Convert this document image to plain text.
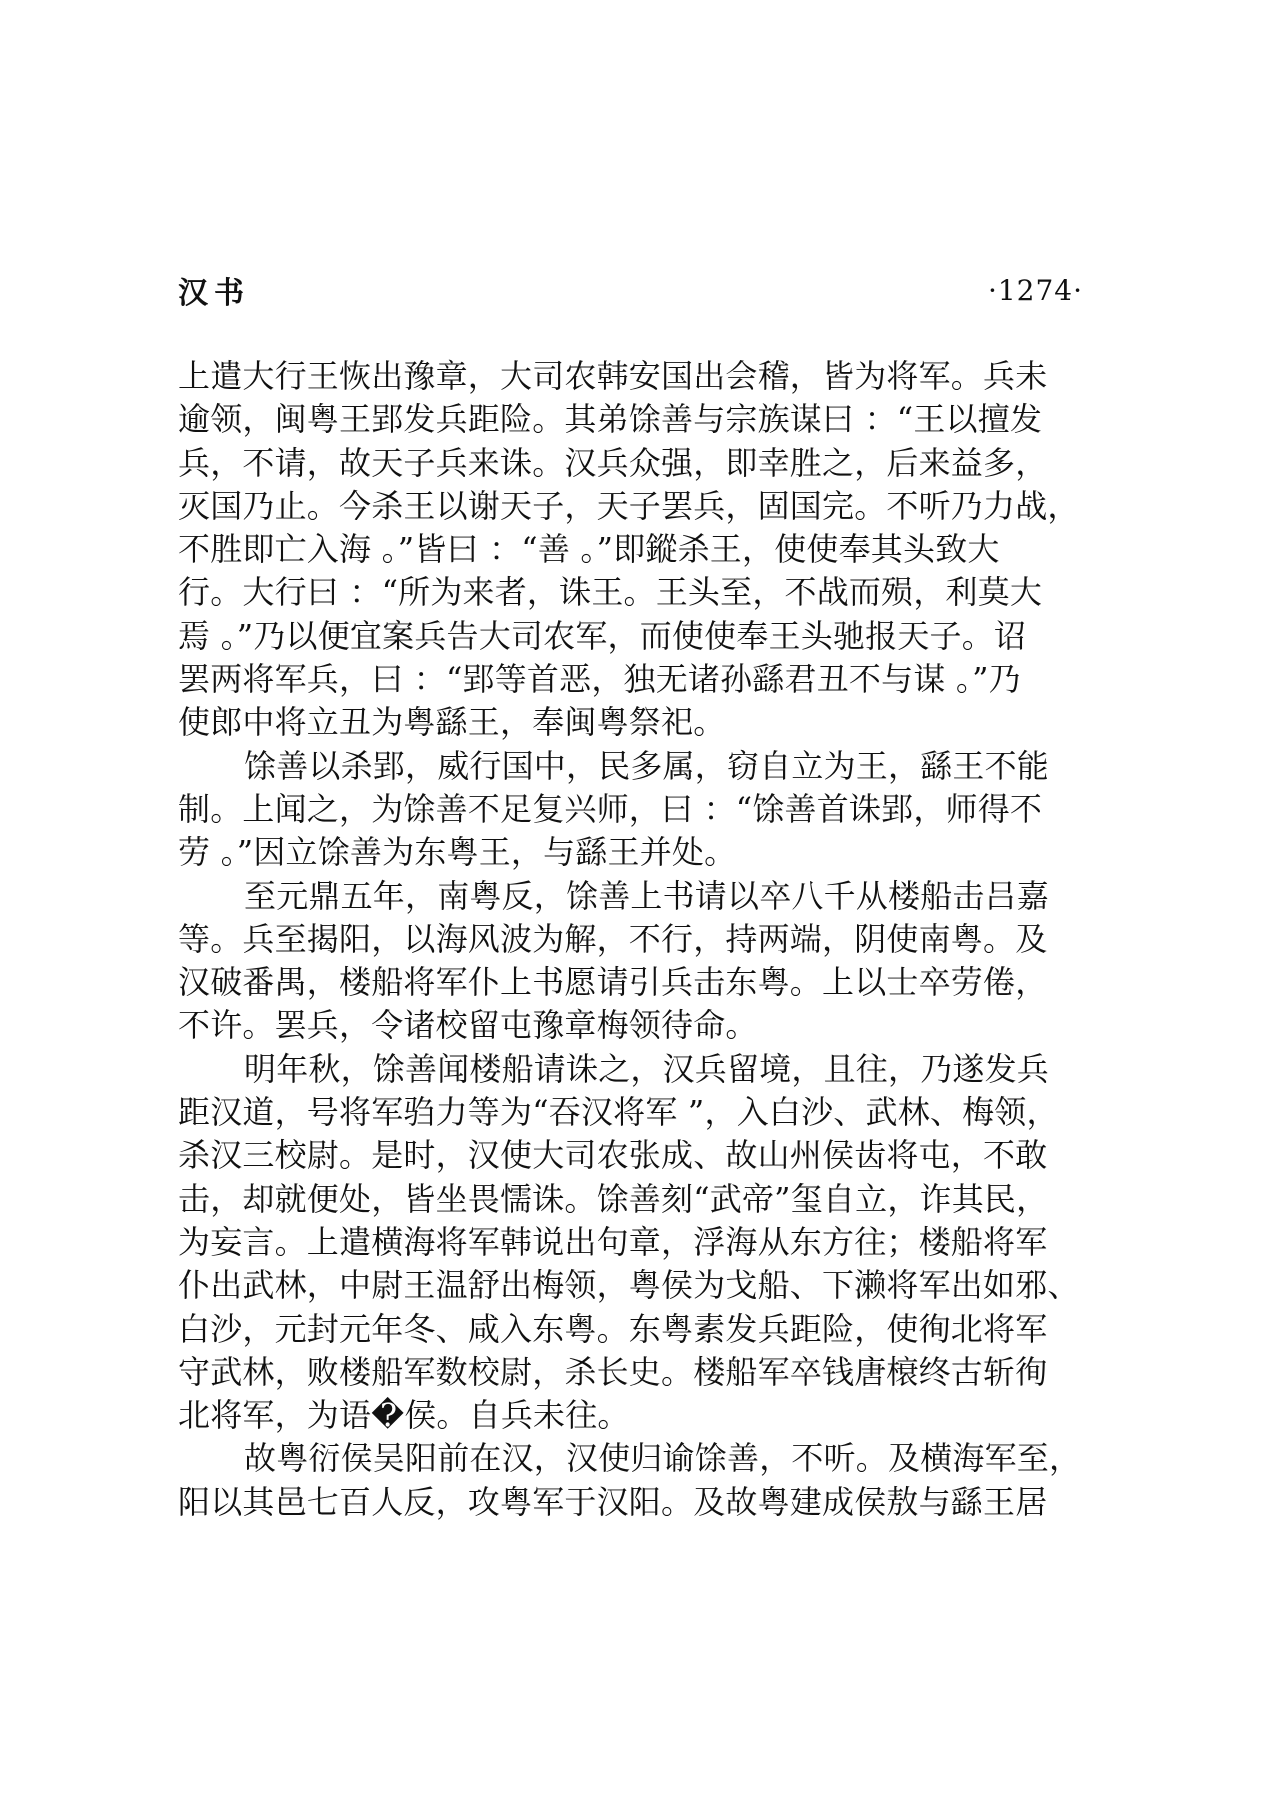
汉书	·1274·
上遣大行王恢出豫章，大司农韩安国出会稽，皆为将军。兵未
逾领，闽粤王郢发兵距险。其弟馀善与宗族谋曰 ：“王以擅发
兵，不请，故天子兵来诛。汉兵众强，即幸胜之，后来益多，
灭国乃止。今杀王以谢天子，天子罢兵，固国完。不听乃力战，
不胜即亡入海 。”皆曰 ：“善 。”即鏦杀王，使使奉其头致大
行。大行曰 ：“所为来者，诛王。王头至，不战而殒，利莫大
焉 。”乃以便宜案兵告大司农军，而使使奉王头驰报天子。诏
罢两将军兵，曰 ：“郢等首恶，独无诸孙繇君丑不与谋 。”乃
使郎中将立丑为粤繇王，奉闽粤祭祀。
馀善以杀郢，威行国中，民多属，窃自立为王，繇王不能
制。上闻之，为馀善不足复兴师，曰 ：“馀善首诛郢，师得不
劳 。”因立馀善为东粤王，与繇王并处。
至元鼎五年，南粤反，馀善上书请以卒八千从楼船击吕嘉
等。兵至揭阳，以海风波为解，不行，持两端，阴使南粤。及
汉破番禺，楼船将军仆上书愿请引兵击东粤。上以士卒劳倦，
不许。罢兵，令诸校留屯豫章梅领待命。
明年秋，馀善闻楼船请诛之，汉兵留境，且往，乃遂发兵
距汉道，号将军驺力等为“吞汉将军 ”，入白沙、武林、梅领，
杀汉三校尉。是时，汉使大司农张成、故山州侯齿将屯，不敢
击，却就便处，皆坐畏懦诛。馀善刻“武帝”玺自立，诈其民，
为妄言。上遣横海将军韩说出句章，浮海从东方往；楼船将军
仆出武林，中尉王温舒出梅领，粤侯为戈船、下濑将军出如邪、
白沙，元封元年冬、咸入东粤。东粤素发兵距险，使徇北将军
守武林，败楼船军数校尉，杀长史。楼船军卒钱唐榱终古斩徇
北将军，为语�侯。自兵未往。
故粤衍侯吴阳前在汉，汉使归谕馀善，不听。及横海军至，
阳以其邑七百人反，攻粤军于汉阳。及故粤建成侯敖与繇王居
